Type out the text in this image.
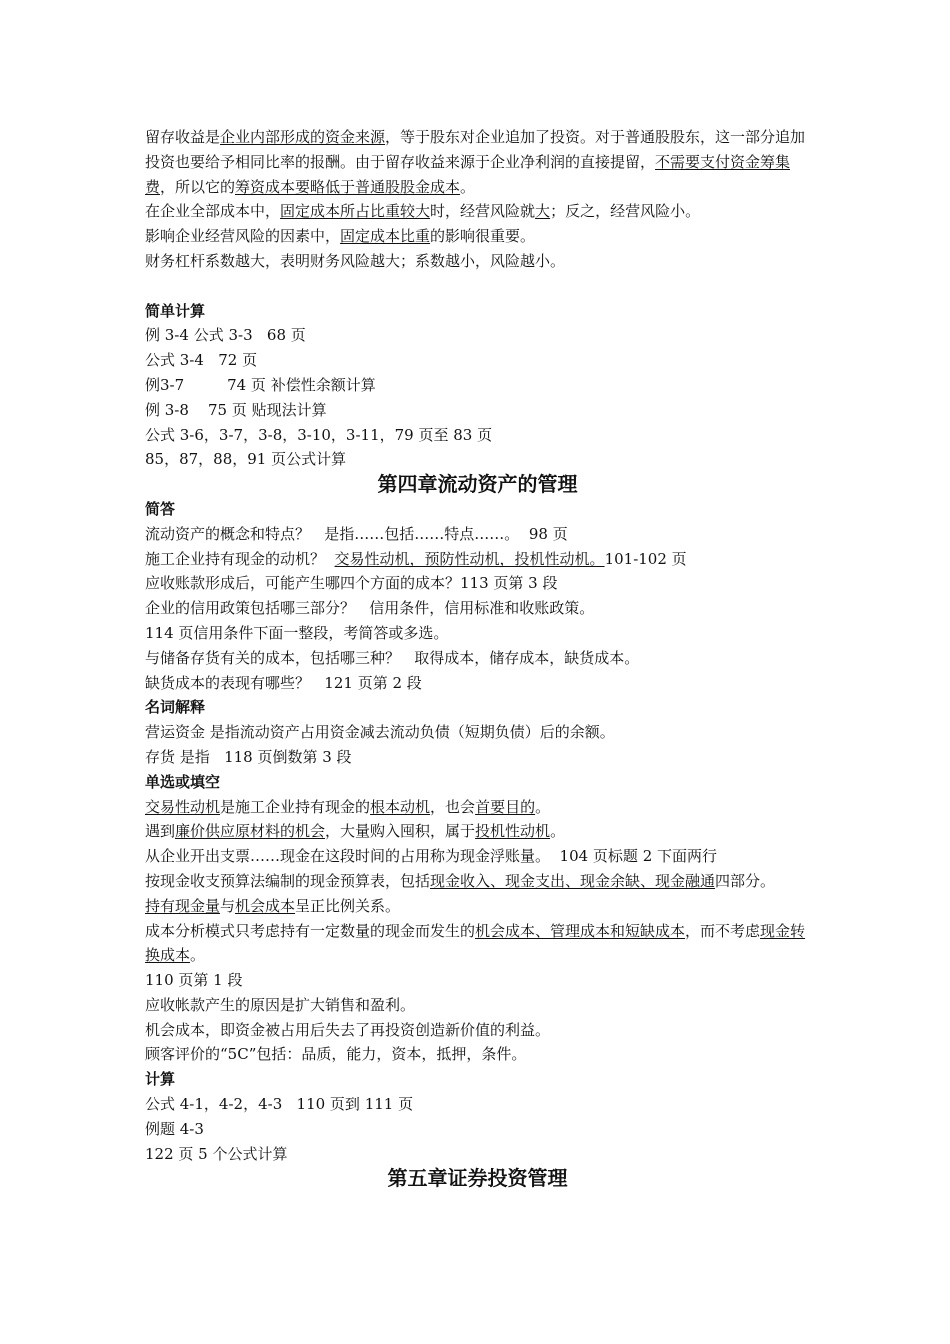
留存收益是企业内部形成的资金来源，等于股东对企业追加了投资。对于普通股股东，这一部分追加投资也要给予相同比率的报酬。由于留存收益来源于企业净利润的直接提留，不需要支付资金筹集费，所以它的筹资成本要略低于普通股股金成本。
在企业全部成本中，固定成本所占比重较大时，经营风险就大；反之，经营风险小。
影响企业经营风险的因素中，固定成本比重的影响很重要。
财务杠杆系数越大，表明财务风险越大；系数越小，风险越小。
简单计算
例 3-4 公式 3-3   68 页
公式 3-4   72 页
例3-7         74 页 补偿性余额计算
例 3-8    75 页 贴现法计算
公式 3-6，3-7，3-8，3-10，3-11，79 页至 83 页
85，87，88，91 页公式计算
第四章流动资产的管理
简答
流动资产的概念和特点？   是指……包括……特点……。  98 页
施工企业持有现金的动机？  交易性动机，预防性动机，投机性动机。101-102 页
应收账款形成后，可能产生哪四个方面的成本？113 页第 3 段
企业的信用政策包括哪三部分？   信用条件，信用标准和收账政策。
114 页信用条件下面一整段，考简答或多选。
与储备存货有关的成本，包括哪三种？   取得成本，储存成本，缺货成本。
缺货成本的表现有哪些？   121 页第 2 段
名词解释
营运资金 是指流动资产占用资金减去流动负债（短期负债）后的余额。
存货 是指   118 页倒数第 3 段
单选或填空
交易性动机是施工企业持有现金的根本动机，也会首要目的。
遇到廉价供应原材料的机会，大量购入囤积，属于投机性动机。
从企业开出支票……现金在这段时间的占用称为现金浮账量。  104 页标题 2 下面两行
按现金收支预算法编制的现金预算表，包括现金收入、现金支出、现金余缺、现金融通四部分。
持有现金量与机会成本呈正比例关系。
成本分析模式只考虑持有一定数量的现金而发生的机会成本、管理成本和短缺成本，而不考虑现金转换成本。
110 页第 1 段
应收帐款产生的原因是扩大销售和盈利。
机会成本，即资金被占用后失去了再投资创造新价值的利益。
顾客评价的“5C”包括：品质，能力，资本，抵押，条件。
计算
公式 4-1，4-2，4-3   110 页到 111 页
例题 4-3
122 页 5 个公式计算
第五章证券投资管理
